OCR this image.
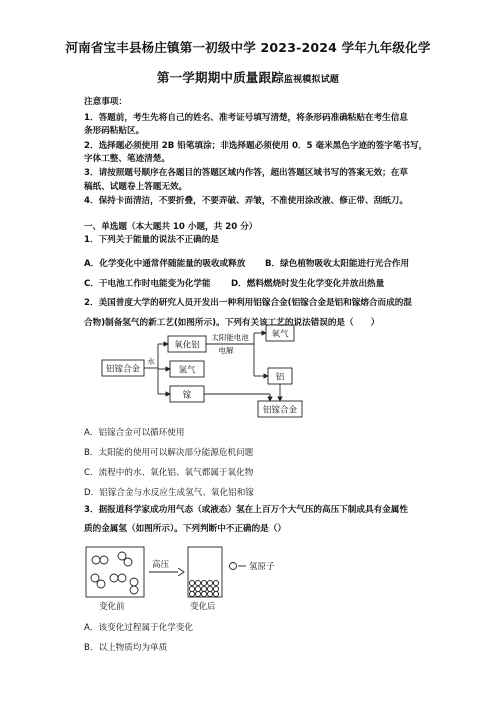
河南省宝丰县杨庄镇第一初级中学 2023-2024 学年九年级化学
第一学期期中质量跟踪监视模拟试题
注意事项：
1．答题前，考生先将自己的姓名、准考证号填写清楚，将条形码准确粘贴在考生信息
条形码粘贴区。
2．选择题必须使用 2B 铅笔填涂；非选择题必须使用 0．5 毫米黑色字迹的签字笔书写，
字体工整、笔迹清楚。
3．请按照题号顺序在各题目的答题区域内作答，超出答题区域书写的答案无效；在草
稿纸、试题卷上答题无效。
4．保持卡面清洁，不要折叠，不要弄破、弄皱，不准使用涂改液、修正带、刮纸刀。
一、单选题（本大题共 10 小题，共 20 分）
1．下列关于能量的说法不正确的是
A．化学变化中通常伴随能量的吸收或释放 B．绿色植物吸收太阳能进行光合作用
C．干电池工作时电能变为化学能 D．燃料燃烧时发生化学变化并放出热量
2．美国普度大学的研究人员开发出一种利用铝镓合金(铝镓合金是铝和镓熔合而成的混
合物)制备氢气的新工艺(如图所示)。下列有关该工艺的说法错误的是（　　）
铝镓合金
水
氧化铝
氢气
镓
太阳能电池
电解
氧气
铝
铝镓合金
A．铝镓合金可以循环使用
B．太阳能的使用可以解决部分能源危机问题
C．流程中的水、氧化铝、氧气都属于氧化物
D．铝镓合金与水反应生成氢气、氧化铝和镓
3．据报道科学家成功用气态（或液态）氢在上百万个大气压的高压下制成具有金属性
质的金属氢（如图所示）。下列判断中不正确的是（）
高压	氢原子
变化前	变化后
A．该变化过程属于化学变化
B．以上物质均为单质
